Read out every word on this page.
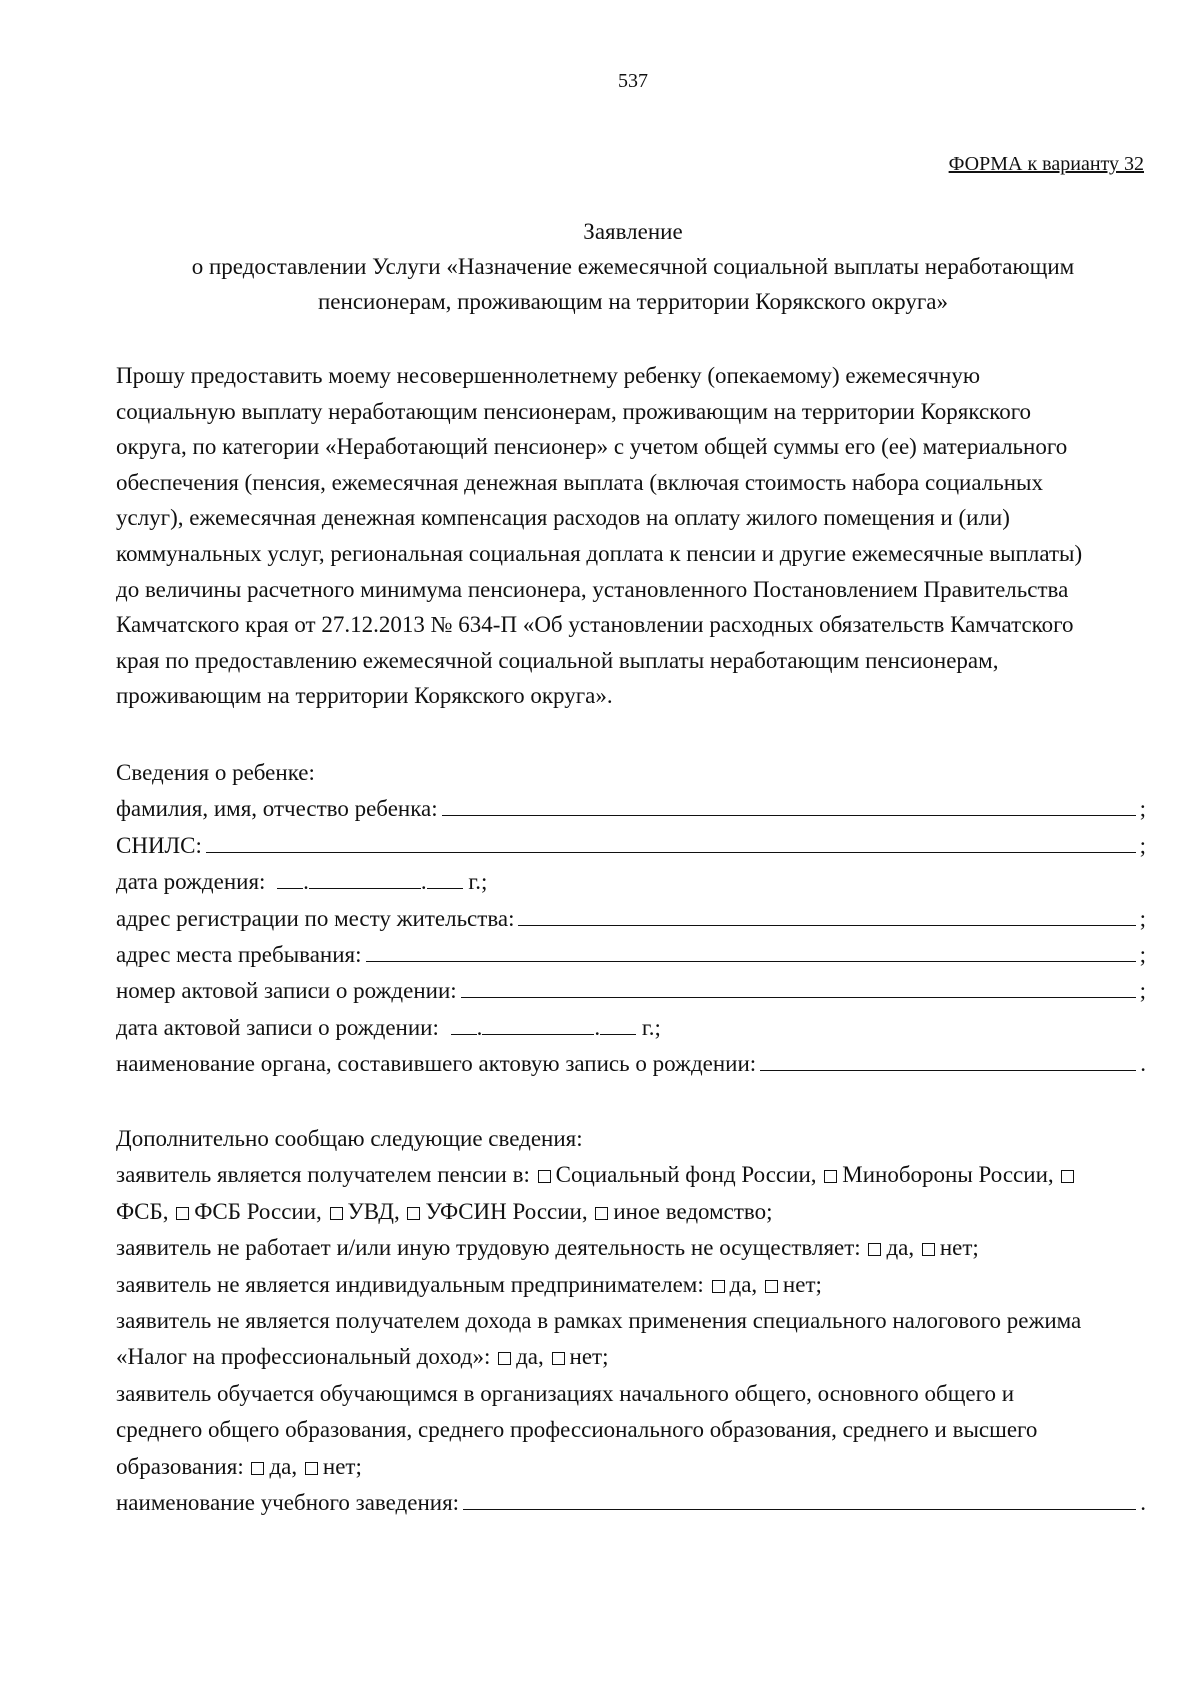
537
ФОРМА к варианту 32
Заявление
о предоставлении Услуги «Назначение ежемесячной социальной выплаты неработающим
пенсионерам, проживающим на территории Корякского округа»
Прошу предоставить моему несовершеннолетнему ребенку (опекаемому) ежемесячную
социальную выплату неработающим пенсионерам, проживающим на территории Корякского
округа, по категории «Неработающий пенсионер» с учетом общей суммы его (ее) материального
обеспечения (пенсия, ежемесячная денежная выплата (включая стоимость набора социальных
услуг), ежемесячная денежная компенсация расходов на оплату жилого помещения и (или)
коммунальных услуг, региональная социальная доплата к пенсии и другие ежемесячные выплаты)
до величины расчетного минимума пенсионера, установленного Постановлением Правительства
Камчатского края от 27.12.2013 № 634-П «Об установлении расходных обязательств Камчатского
края по предоставлению ежемесячной социальной выплаты неработающим пенсионерам,
проживающим на территории Корякского округа».
Сведения о ребенке:
фамилия, имя, отчество ребенка:	;
СНИЛС:	;
дата рождения: .	. г.;
адрес регистрации по месту жительства:	;
адрес места пребывания:	;
номер актовой записи о рождении:	;
дата актовой записи о рождении: .	. г.;
наименование органа, составившего актовую запись о рождении:	.
Дополнительно сообщаю следующие сведения:
заявитель является получателем пенсии в: Социальный фонд России, Минобороны России,
ФСБ, ФСБ России, УВД, УФСИН России, иное ведомство;
заявитель не работает и/или иную трудовую деятельность не осуществляет: да, нет;
заявитель не является индивидуальным предпринимателем: да, нет;
заявитель не является получателем дохода в рамках применения специального налогового режима
«Налог на профессиональный доход»: да, нет;
заявитель обучается обучающимся в организациях начального общего, основного общего и
среднего общего образования, среднего профессионального образования, среднего и высшего
образования: да, нет;
наименование учебного заведения:	.
